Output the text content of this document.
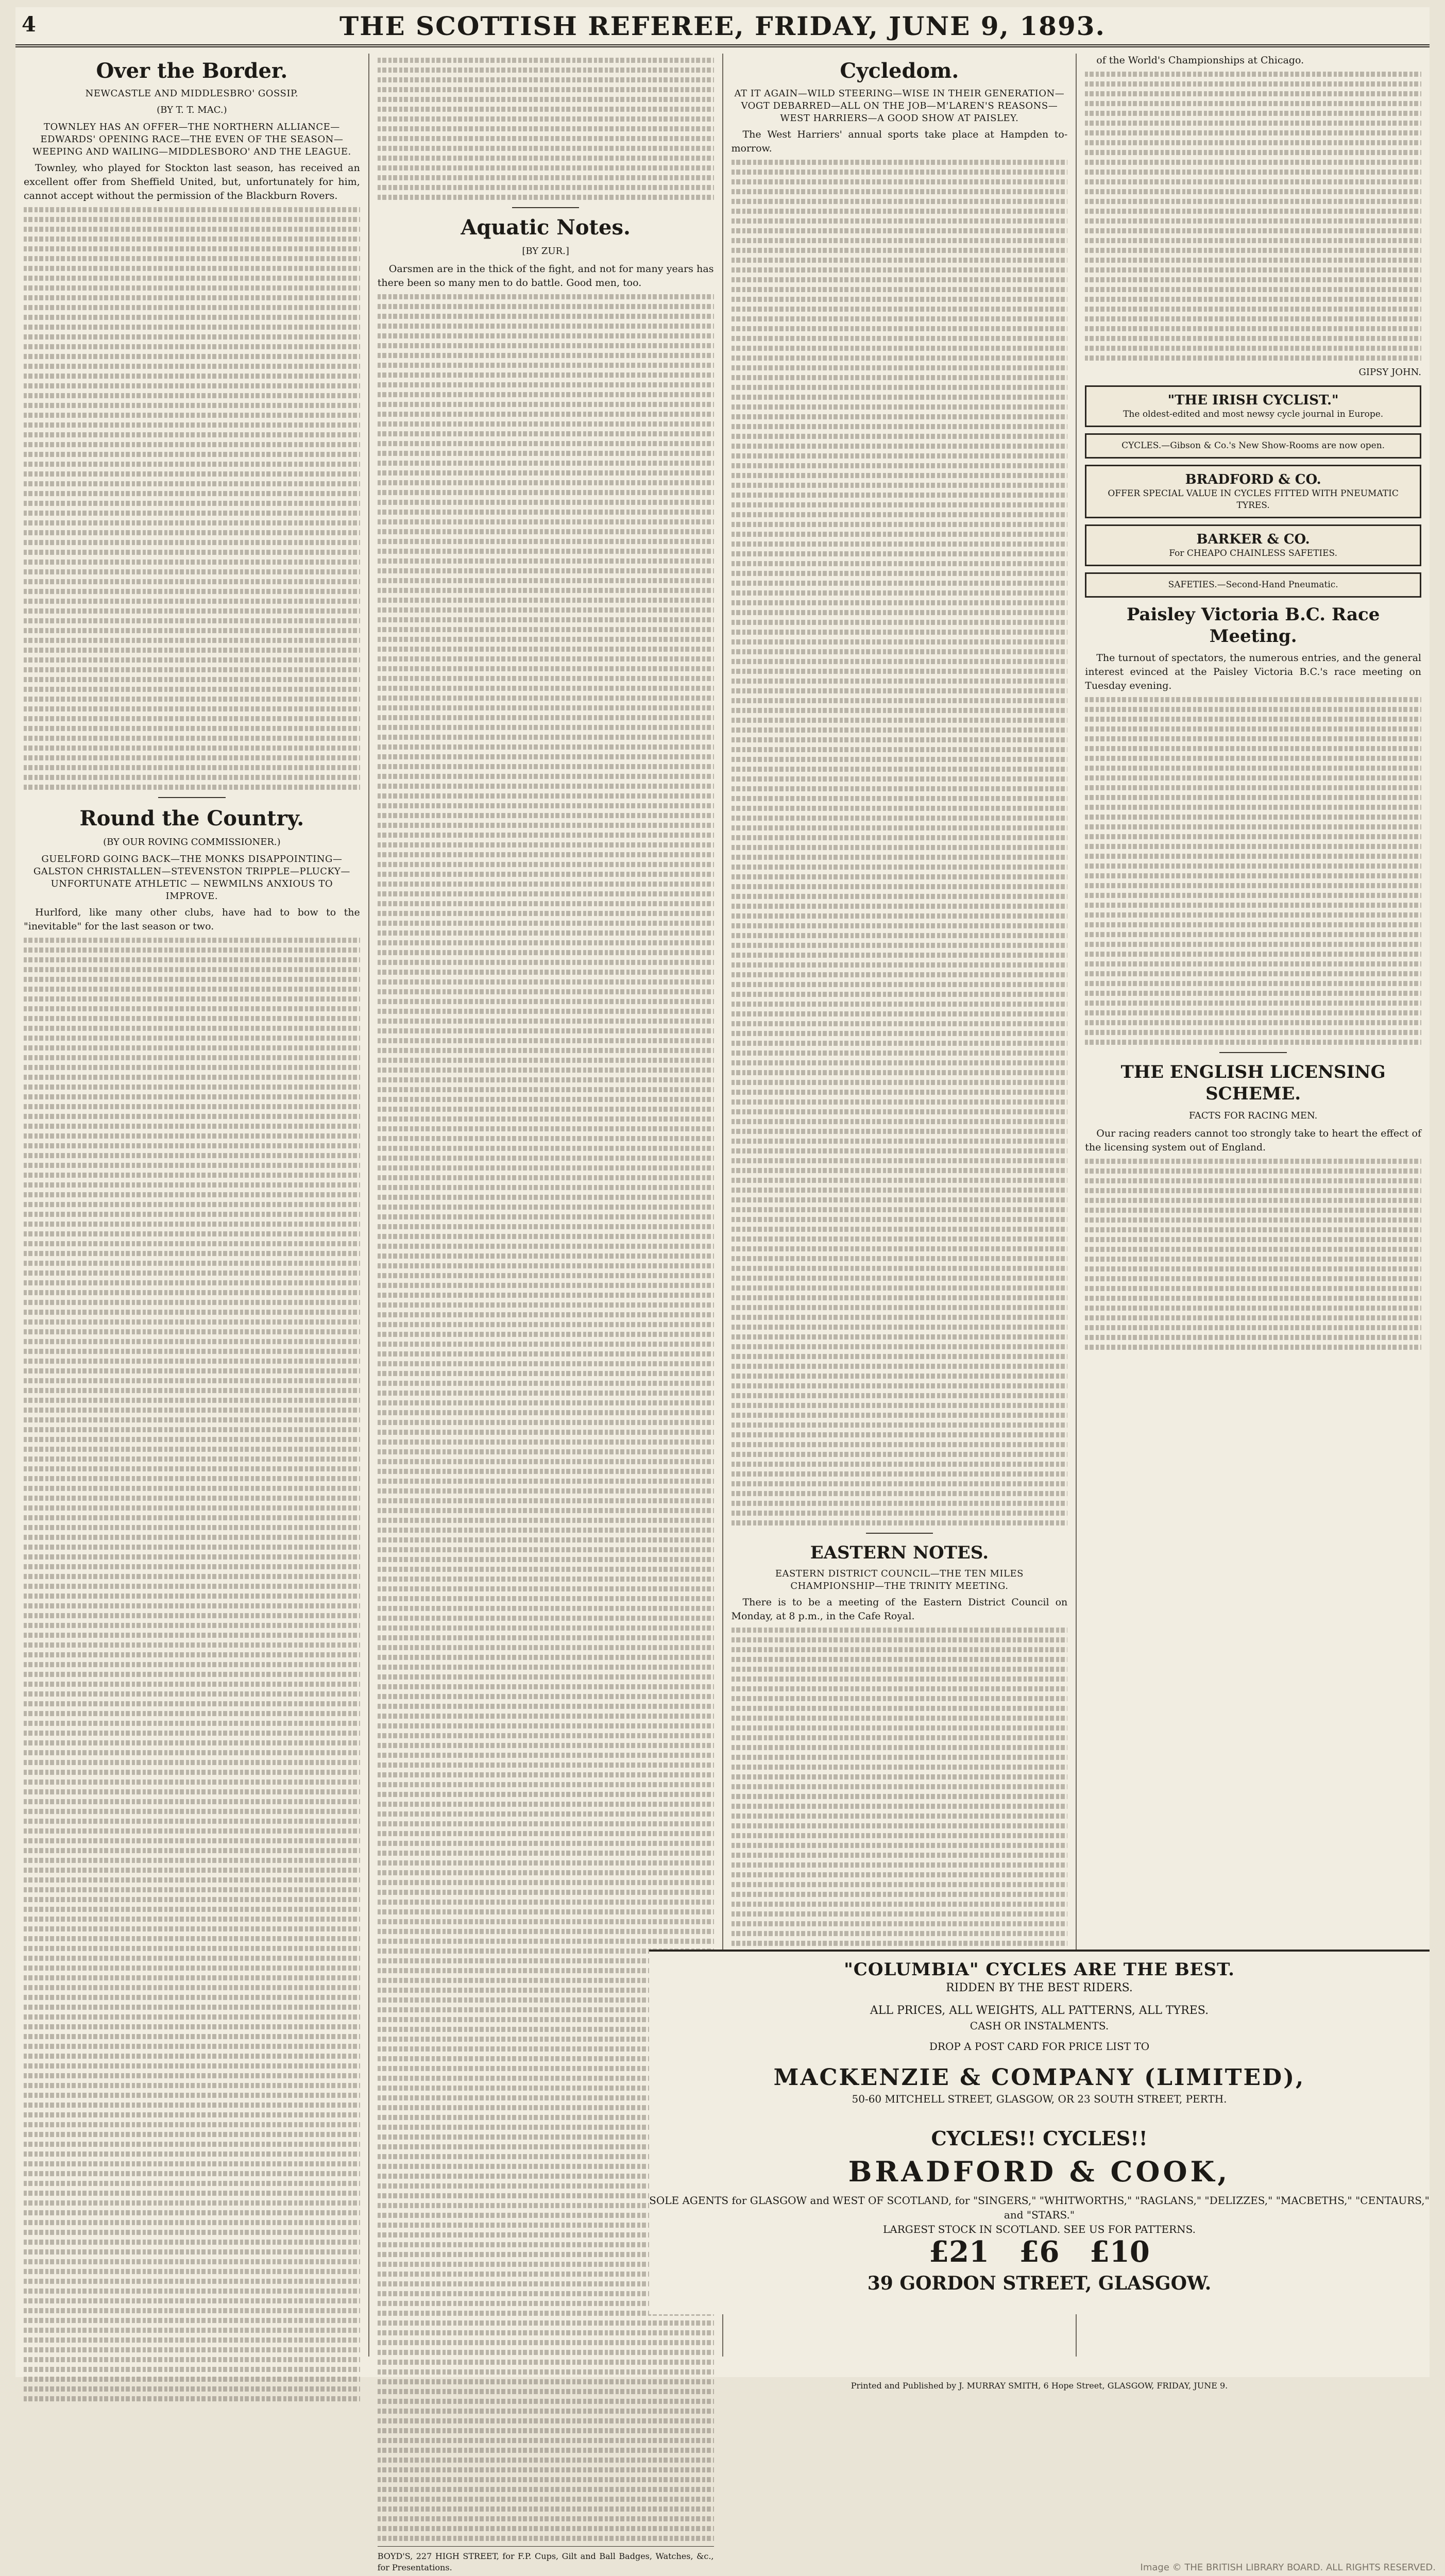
4	THE SCOTTISH REFEREE, FRIDAY, JUNE 9, 1893.
Over the Border.
NEWCASTLE AND MIDDLESBRO' GOSSIP.
(BY T. T. MAC.)
TOWNLEY HAS AN OFFER—THE NORTHERN ALLIANCE—EDWARDS' OPENING RACE—THE EVEN OF THE SEASON—WEEPING AND WAILING—MIDDLESBORO' AND THE LEAGUE.

Townley, who played for Stockton last season, has received an excellent offer from Sheffield United, but, unfortunately for him, cannot accept without the permission of the Blackburn Rovers.

Round the Country.
(BY OUR ROVING COMMISSIONER.)
GUELFORD GOING BACK—THE MONKS DISAPPOINTING—GALSTON CHRISTALLEN—STEVENSTON TRIPPLE—PLUCKY—UNFORTUNATE ATHLETIC — NEWMILNS ANXIOUS TO IMPROVE.

Hurlford, like many other clubs, have had to bow to the "inevitable" for the last season or two.

Aquatic Notes.
[BY ZUR.]

Oarsmen are in the thick of the fight, and not for many years has there been so many men to do battle. Good men, too.

BOYD'S, 227 HIGH STREET, for F.P. Cups, Gilt and Ball Badges, Watches, &c., for Presentations.
Cycledom.
AT IT AGAIN—WILD STEERING—WISE IN THEIR GENERATION—VOGT DEBARRED—ALL ON THE JOB—M'LAREN'S REASONS—WEST HARRIERS—A GOOD SHOW AT PAISLEY.

The West Harriers' annual sports take place at Hampden to-morrow.

EASTERN NOTES.
EASTERN DISTRICT COUNCIL—THE TEN MILES CHAMPIONSHIP—THE TRINITY MEETING.

There is to be a meeting of the Eastern District Council on Monday, at 8 p.m., in the Cafe Royal.

of the World's Championships at Chicago.

GIPSY JOHN.
"THE IRISH CYCLIST."
The oldest-edited and most newsy cycle journal in Europe.
CYCLES.—Gibson & Co.'s New Show-Rooms are now open.
BRADFORD & CO.
OFFER SPECIAL VALUE IN CYCLES FITTED WITH PNEUMATIC TYRES.
BARKER & CO.
For CHEAPO CHAINLESS SAFETIES.
SAFETIES.—Second-Hand Pneumatic.
Paisley Victoria B.C. Race Meeting.

The turnout of spectators, the numerous entries, and the general interest evinced at the Paisley Victoria B.C.'s race meeting on Tuesday evening.

THE ENGLISH LICENSING SCHEME.
FACTS FOR RACING MEN.

Our racing readers cannot too strongly take to heart the effect of the licensing system out of England.

"COLUMBIA" CYCLES ARE THE BEST.
RIDDEN BY THE BEST RIDERS.
ALL PRICES, ALL WEIGHTS, ALL PATTERNS, ALL TYRES.
CASH OR INSTALMENTS.
DROP A POST CARD FOR PRICE LIST TO
MACKENZIE & COMPANY (LIMITED),
50-60 MITCHELL STREET, GLASGOW, OR 23 SOUTH STREET, PERTH.
CYCLES!! CYCLES!!
BRADFORD & COOK,
SOLE AGENTS for GLASGOW and WEST OF SCOTLAND, for "SINGERS," "WHITWORTHS," "RAGLANS," "DELIZZES," "MACBETHS," "CENTAURS," and "STARS."
LARGEST STOCK IN SCOTLAND. SEE US FOR PATTERNS.
£21 £6 £10
39 GORDON STREET, GLASGOW.
Printed and Published by J. MURRAY SMITH, 6 Hope Street, GLASGOW, FRIDAY, JUNE 9.
Image © THE BRITISH LIBRARY BOARD. ALL RIGHTS RESERVED.
